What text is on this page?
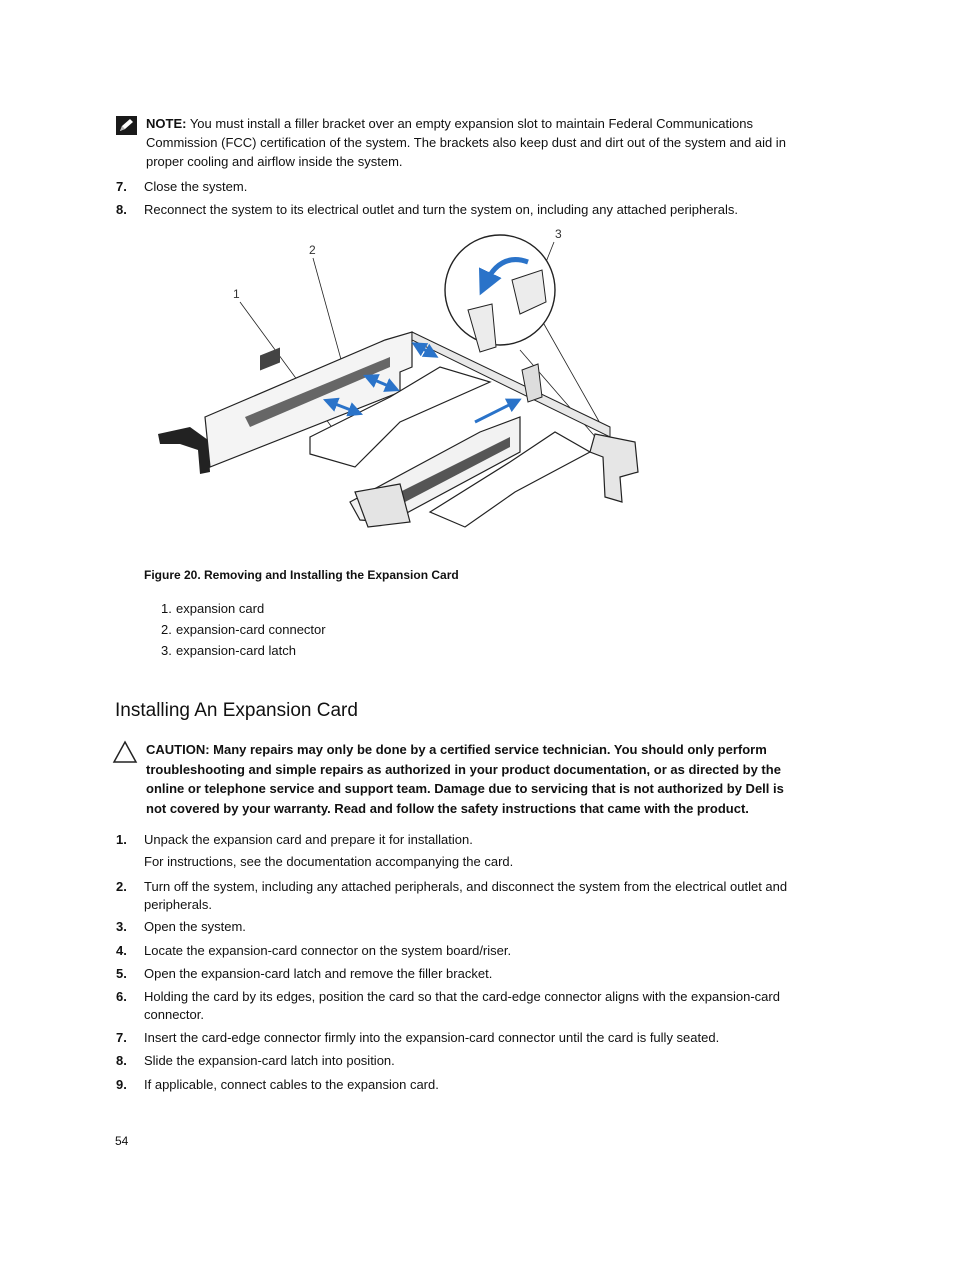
NOTE: You must install a filler bracket over an empty expansion slot to maintain Federal Communications Commission (FCC) certification of the system. The brackets also keep dust and dirt out of the system and aid in proper cooling and airflow inside the system.
7. Close the system.
8. Reconnect the system to its electrical outlet and turn the system on, including any attached peripherals.
1
2
3
Figure 20. Removing and Installing the Expansion Card
1. expansion card
2. expansion-card connector
3. expansion-card latch
Installing An Expansion Card
CAUTION: Many repairs may only be done by a certified service technician. You should only perform troubleshooting and simple repairs as authorized in your product documentation, or as directed by the online or telephone service and support team. Damage due to servicing that is not authorized by Dell is not covered by your warranty. Read and follow the safety instructions that came with the product.
1. Unpack the expansion card and prepare it for installation.
For instructions, see the documentation accompanying the card.
2. Turn off the system, including any attached peripherals, and disconnect the system from the electrical outlet and peripherals.
3. Open the system.
4. Locate the expansion-card connector on the system board/riser.
5. Open the expansion-card latch and remove the filler bracket.
6. Holding the card by its edges, position the card so that the card-edge connector aligns with the expansion-card connector.
7. Insert the card-edge connector firmly into the expansion-card connector until the card is fully seated.
8. Slide the expansion-card latch into position.
9. If applicable, connect cables to the expansion card.
54
